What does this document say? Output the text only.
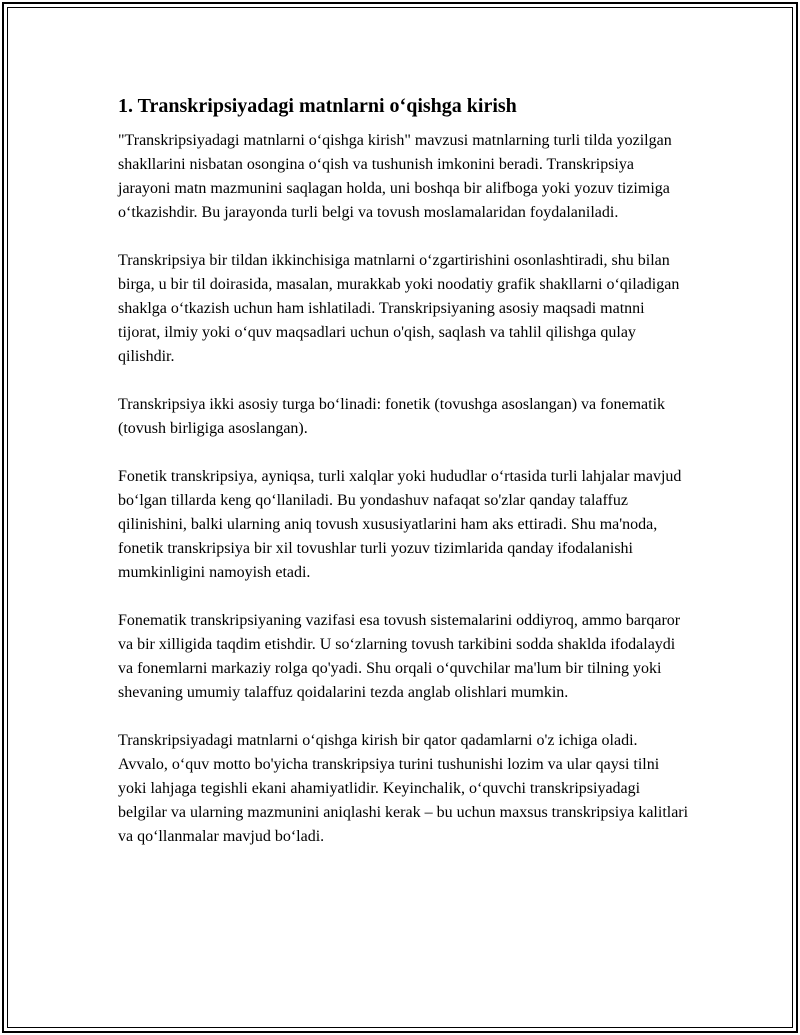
1. Transkripsiyadagi matnlarni o‘qishga kirish

"Transkripsiyadagi matnlarni o‘qishga kirish" mavzusi matnlarning turli tilda yozilgan shakllarini nisbatan osongina o‘qish va tushunish imkonini beradi. Transkripsiya jarayoni matn mazmunini saqlagan holda, uni boshqa bir alifboga yoki yozuv tizimiga o‘tkazishdir. Bu jarayonda turli belgi va tovush moslamalaridan foydalaniladi.

Transkripsiya bir tildan ikkinchisiga matnlarni o‘zgartirishini osonlashtiradi, shu bilan birga, u bir til doirasida, masalan, murakkab yoki noodatiy grafik shakllarni o‘qiladigan shaklga o‘tkazish uchun ham ishlatiladi. Transkripsiyaning asosiy maqsadi matnni tijorat, ilmiy yoki o‘quv maqsadlari uchun o'qish, saqlash va tahlil qilishga qulay qilishdir.

Transkripsiya ikki asosiy turga bo‘linadi: fonetik (tovushga asoslangan) va fonematik (tovush birligiga asoslangan).

Fonetik transkripsiya, ayniqsa, turli xalqlar yoki hududlar o‘rtasida turli lahjalar mavjud bo‘lgan tillarda keng qo‘llaniladi. Bu yondashuv nafaqat so'zlar qanday talaffuz qilinishini, balki ularning aniq tovush xususiyatlarini ham aks ettiradi. Shu ma'noda, fonetik transkripsiya bir xil tovushlar turli yozuv tizimlarida qanday ifodalanishi mumkinligini namoyish etadi.

Fonematik transkripsiyaning vazifasi esa tovush sistemalarini oddiyroq, ammo barqaror va bir xilligida taqdim etishdir. U so‘zlarning tovush tarkibini sodda shaklda ifodalaydi va fonemlarni markaziy rolga qo'yadi. Shu orqali o‘quvchilar ma'lum bir tilning yoki shevaning umumiy talaffuz qoidalarini tezda anglab olishlari mumkin.

Transkripsiyadagi matnlarni o‘qishga kirish bir qator qadamlarni o'z ichiga oladi. Avvalo, o‘quv motto bo'yicha transkripsiya turini tushunishi lozim va ular qaysi tilni yoki lahjaga tegishli ekani ahamiyatlidir. Keyinchalik, o‘quvchi transkripsiyadagi belgilar va ularning mazmunini aniqlashi kerak – bu uchun maxsus transkripsiya kalitlari va qo‘llanmalar mavjud bo‘ladi.
